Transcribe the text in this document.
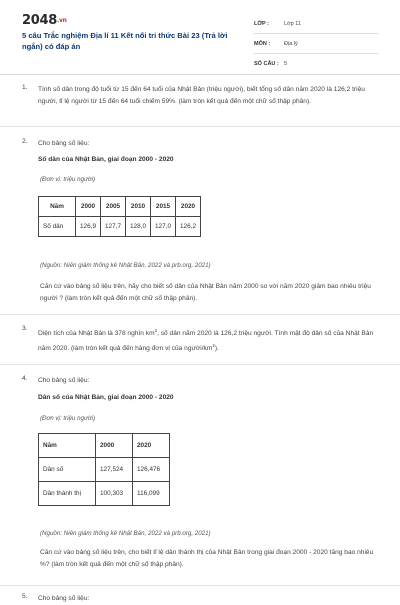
2048.vn
5 câu Trắc nghiệm Địa lí 11 Kết nối tri thức Bài 23 (Trả lời ngắn) có đáp án
LỚP :	Lớp 11
MÔN :	Địa lý
SỐ CÂU : 5
1. Tính số dân trong độ tuổi từ 15 đến 64 tuổi của Nhật Bản (triệu người), biết tổng số dân năm 2020 là 126,2 triệu người, tỉ lệ người từ 15 đến 64 tuổi chiếm 59%. (làm tròn kết quả đến một chữ số thập phân).
2. Cho bảng số liệu:
Số dân của Nhật Bản, giai đoạn 2000 - 2020
(Đơn vị: triệu người)
Năm	2000	2005	2010	2015	2020
Số dân	126,9	127,7	128,0	127,0	126,2
(Nguồn: Niên giám thống kê Nhật Bản, 2022 và prb.org, 2021)
Căn cứ vào bảng số liệu trên, hãy cho biết số dân của Nhật Bản năm 2000 so với năm 2020 giảm bao nhiêu triệu người ? (làm tròn kết quả đến một chữ số thập phân).
3.
Diện tích của Nhật Bản là 378 nghìn $km^2$, số dân năm 2020 là 126,2 triệu người. Tính mật độ dân số của Nhật Bản năm 2020. (làm tròn kết quả đến hàng đơn vị của người/$km^2$).
4. Cho bảng số liệu:
Dân số của Nhật Bản, giai đoạn 2000 - 2020
(Đơn vị: triệu người)
Năm	2000	2020
Dân số	127,524	126,476
Dân thành thị	100,303	116,099
(Nguồn: Niên giám thống kê Nhật Bản, 2022 và prb.org, 2021)
Căn cứ vào bảng số liệu trên, cho biết tỉ lệ dân thành thị của Nhật Bản trong giai đoạn 2000 - 2020 tăng bao nhiêu %? (làm tròn kết quả đến một chữ số thập phân).
5. Cho bảng số liệu:
